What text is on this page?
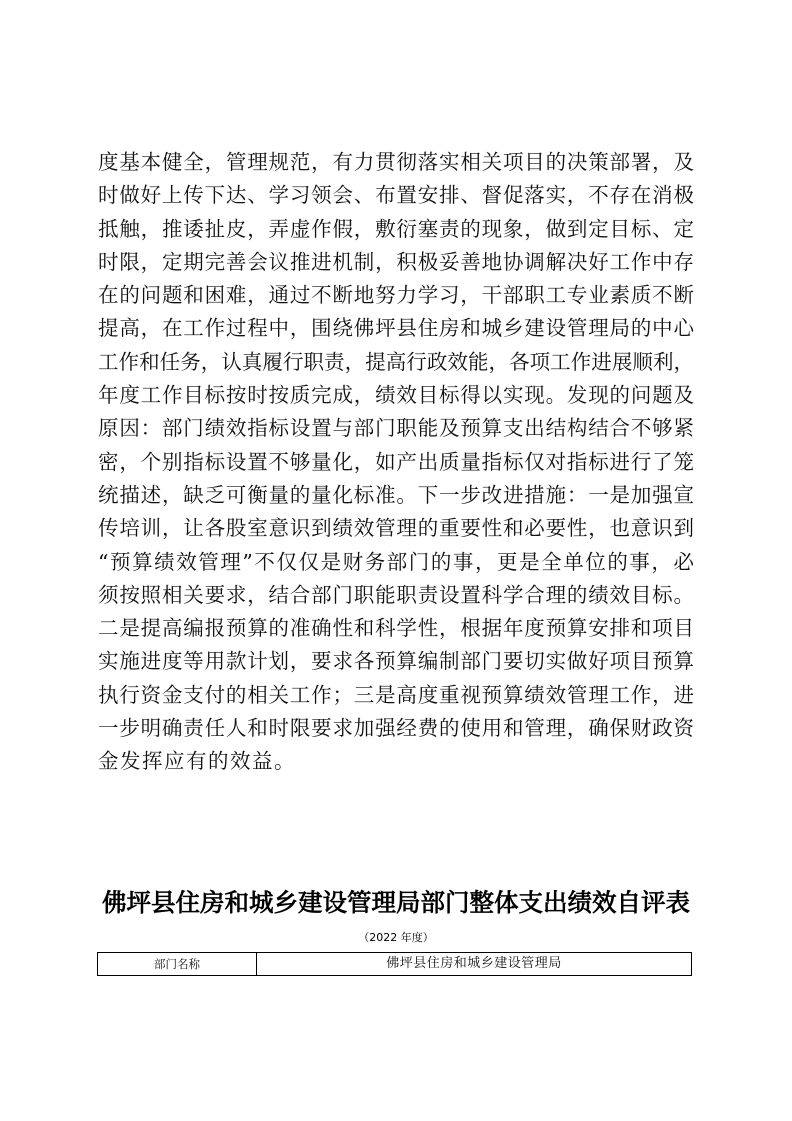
度基本健全，管理规范，有力贯彻落实相关项目的决策部署，及
时做好上传下达、学习领会、布置安排、督促落实，不存在消极
抵触，推诿扯皮，弄虚作假，敷衍塞责的现象，做到定目标、定
时限，定期完善会议推进机制，积极妥善地协调解决好工作中存
在的问题和困难，通过不断地努力学习，干部职工专业素质不断
提高，在工作过程中，围绕佛坪县住房和城乡建设管理局的中心
工作和任务，认真履行职责，提高行政效能，各项工作进展顺利，
年度工作目标按时按质完成，绩效目标得以实现。发现的问题及
原因：部门绩效指标设置与部门职能及预算支出结构结合不够紧
密，个别指标设置不够量化，如产出质量指标仅对指标进行了笼
统描述，缺乏可衡量的量化标准。下一步改进措施：一是加强宣
传培训，让各股室意识到绩效管理的重要性和必要性，也意识到
“预算绩效管理”不仅仅是财务部门的事，更是全单位的事，必
须按照相关要求，结合部门职能职责设置科学合理的绩效目标。
二是提高编报预算的准确性和科学性，根据年度预算安排和项目
实施进度等用款计划，要求各预算编制部门要切实做好项目预算
执行资金支付的相关工作；三是高度重视预算绩效管理工作，进
一步明确责任人和时限要求加强经费的使用和管理，确保财政资
金发挥应有的效益。
佛坪县住房和城乡建设管理局部门整体支出绩效自评表
（2022 年度）
部门名称	佛坪县住房和城乡建设管理局
